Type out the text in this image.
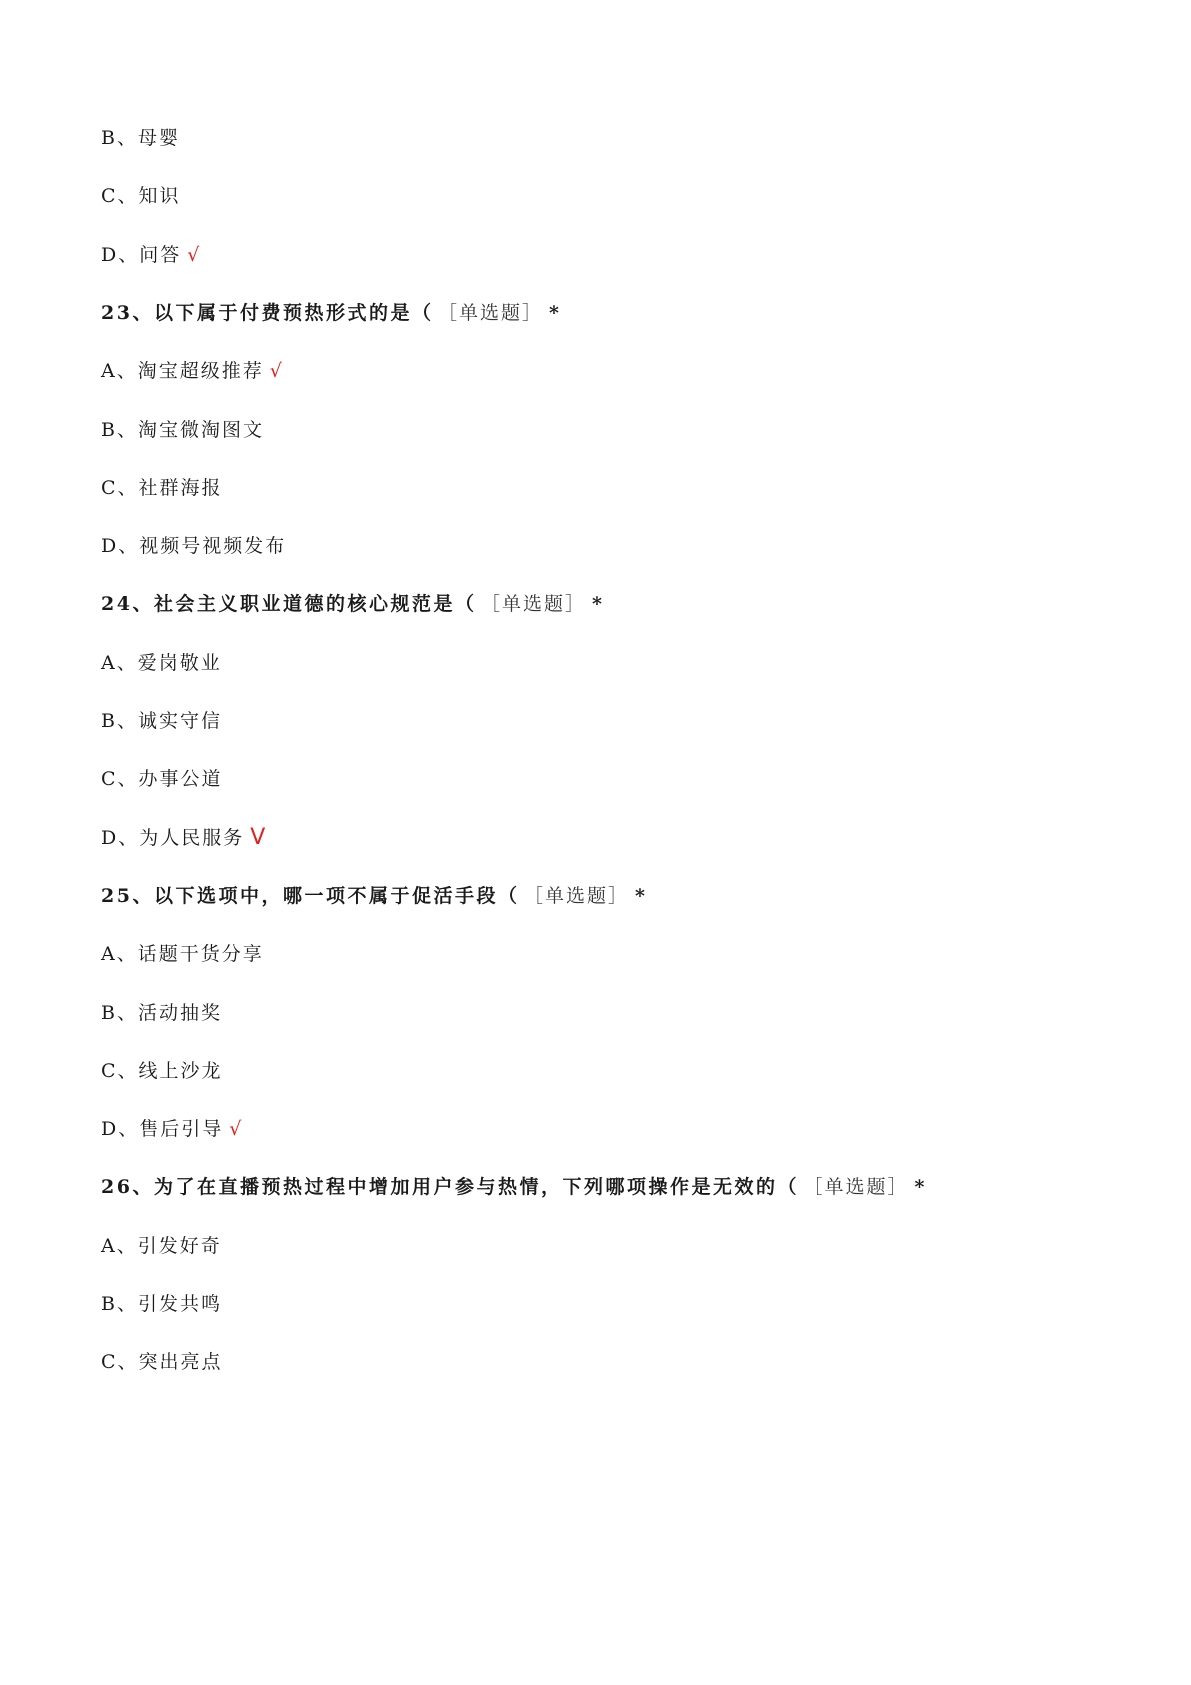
B、母婴
C、知识
D、问答 √
23、以下属于付费预热形式的是（ ［单选题］ *
A、淘宝超级推荐 √
B、淘宝微淘图文
C、社群海报
D、视频号视频发布
24、社会主义职业道德的核心规范是（ ［单选题］ *
A、爱岗敬业
B、诚实守信
C、办事公道
D、为人民服务 V
25、以下选项中，哪一项不属于促活手段（ ［单选题］ *
A、话题干货分享
B、活动抽奖
C、线上沙龙
D、售后引导 √
26、为了在直播预热过程中增加用户参与热情，下列哪项操作是无效的（ ［单选题］ *
A、引发好奇
B、引发共鸣
C、突出亮点
